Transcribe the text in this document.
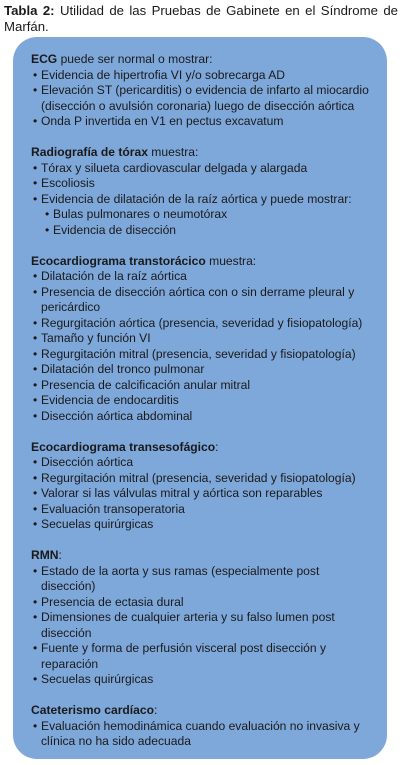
Tabla 2: Utilidad de las Pruebas de Gabinete en el Síndrome de Marfán.

ECG puede ser normal o mostrar:

• Evidencia de hipertrofia VI y/o sobrecarga AD
• Elevación ST (pericarditis) o evidencia de infarto al miocardio (disección o avulsión coronaria) luego de disección aórtica
• Onda P invertida en V1 en pectus excavatum

Radiografía de tórax muestra:

• Tórax y silueta cardiovascular delgada y alargada
• Escoliosis
• Evidencia de dilatación de la raíz aórtica y puede mostrar:
• Bulas pulmonares o neumotórax
• Evidencia de disección

Ecocardiograma transtorácico muestra:

• Dilatación de la raíz aórtica
• Presencia de disección aórtica con o sin derrame pleural y pericárdico
• Regurgitación aórtica (presencia, severidad y fisiopatología)
• Tamaño y función VI
• Regurgitación mitral (presencia, severidad y fisiopatología)
• Dilatación del tronco pulmonar
• Presencia de calcificación anular mitral
• Evidencia de endocarditis
• Disección aórtica abdominal

Ecocardiograma transesofágico:

• Disección aórtica
• Regurgitación mitral (presencia, severidad y fisiopatología)
• Valorar si las válvulas mitral y aórtica son reparables
• Evaluación transoperatoria
• Secuelas quirúrgicas

RMN:

• Estado de la aorta y sus ramas (especialmente post disección)
• Presencia de ectasia dural
• Dimensiones de cualquier arteria y su falso lumen post disección
• Fuente y forma de perfusión visceral post disección y reparación
• Secuelas quirúrgicas

Cateterismo cardíaco:

• Evaluación hemodinámica cuando evaluación no invasiva y clínica no ha sido adecuada
